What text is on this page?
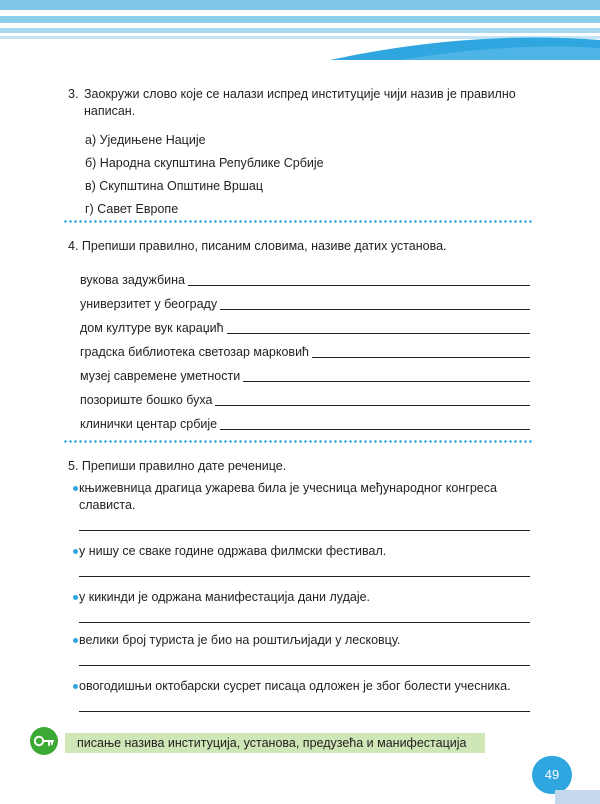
3. Заокружи слово које се налази испред институције чији назив је правилно написан.
а) Уједињене Нације
б) Народна скупштина Републике Србије
в) Скупштина Општине Вршац
г) Савет Европе
4. Препиши правилно, писаним словима, називе датих установа.
вукова задужбина
универзитет у београду
дом културе вук караџић
градска библиотека светозар марковић
музеј савремене уметности
позориште бошко буха
клинички центар србије
5. Препиши правилно дате реченице.
књижевница драгица ужарева била је учесница међународног конгреса слависта.
у нишу се сваке године одржава филмски фестивал.
у кикинди је одржана манифестација дани лудаје.
велики број туриста је био на роштиљијади у лесковцу.
овогодишњи октобарски сусрет писаца одложен је због болести учесника.
писање назива институција, установа, предузећа и манифестација
49
